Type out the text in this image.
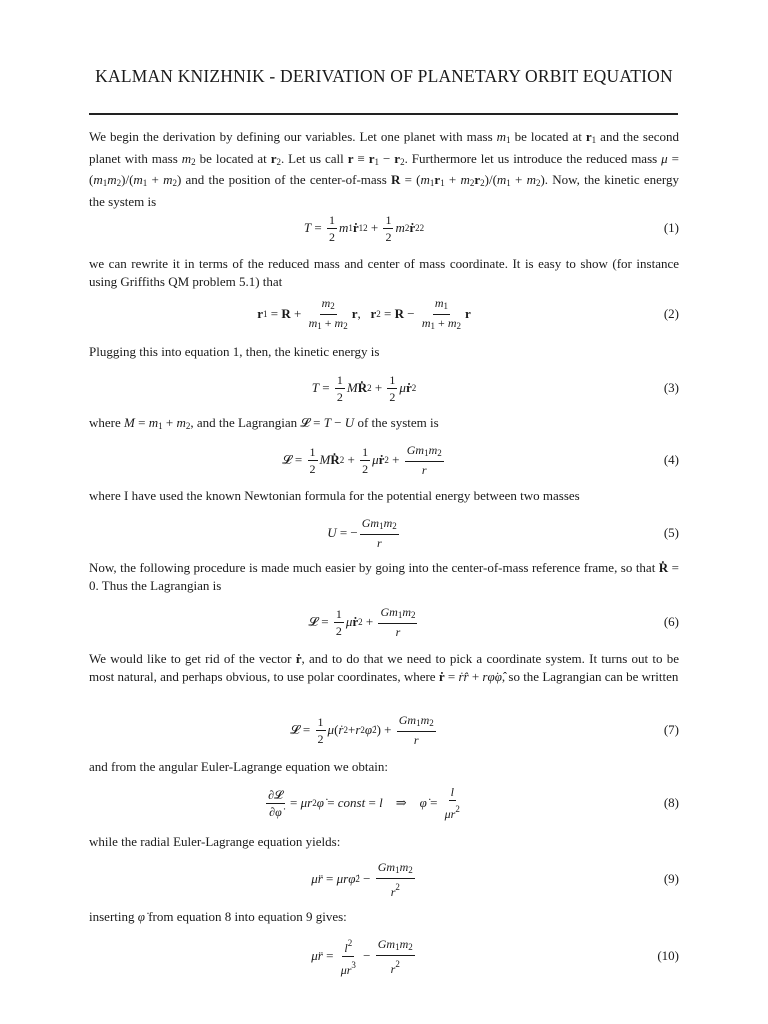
KALMAN KNIZHNIK - DERIVATION OF PLANETARY ORBIT EQUATION

We begin the derivation by defining our variables. Let one planet with mass $m_1$ be located at $r_1$ and the second planet with mass $m_2$ be located at $r_2$. Let us call $r \equiv r_1 - r_2$. Furthermore let us introduce the reduced mass $\mu = (m_1m_2)/(m_1 + m_2)$ and the position of the center-of-mass $R = (m_1r_1 + m_2r_2)/(m_1 + m_2)$. Now, the kinetic energy the system is

$T = \frac{1}{2}$ m 1 ṙ 1 $2 + \frac{1}{2}$ m 2 ṙ 2 2	(1)

we can rewrite it in terms of the reduced mass and center of mass coordinate. It is easy to show (for instance using Griffiths QM problem 5.1) that

r $1 = R + \frac{m_2}{m_1 + m_2}$ r , r $2 = R - \frac{m_1}{m_1 + m_2}$ r	(2)

Plugging this into equation 1, then, the kinetic energy is

$T = \frac{1}{2}$ M Ṙ $2 + \frac{1}{2}$ μ ṙ 2	(3)

where $M = m_1 + m_2$, and the Lagrangian 𝓛 = T − U of the system is

𝓛 = $\frac{1}{2}$ M Ṙ $2 + \frac{1}{2}$ μ ṙ $2 + \frac{Gm_1m_2}{r}$	(4)

where I have used the known Newtonian formula for the potential energy between two masses

U = − $\frac{Gm_1m_2}{r}$	(5)

Now, the following procedure is made much easier by going into the center-of-mass reference frame, so that Ṙ = 0. Thus the Lagrangian is

𝓛 = $\frac{1}{2}$ μ ṙ $2 + \frac{Gm_1m_2}{r}$	(6)

We would like to get rid of the vector ṙ, and to do that we need to pick a coordinate system. It turns out to be most natural, and perhaps obvious, to use polar coordinates, where ṙ = ṙr̂ + rφ̇φ̂, so the Lagrangian can be written

𝓛 = $\frac{1}{2}$ μ ( ṙ 2 + r 2 φ̇ 2 ) + $\frac{Gm_1m_2}{r}$	(7)

and from the angular Euler-Lagrange equation we obtain:

$\frac{\text{∂𝓛}}{\partial\varphi̇} = \mu r$ 2 φ̇ = const = l ⇒ φ̇ = $\frac{l}{\mu r^2}$	(8)

while the radial Euler-Lagrange equation yields:

μr̈ = μrφ̇ $2 - \frac{Gm_1m_2}{r^2}$	(9)

inserting φ̇ from equation 8 into equation 9 gives:

μr̈ = $\frac{l^2}{\mu r^3} - \frac{Gm_1m_2}{r^2}$	(10)
